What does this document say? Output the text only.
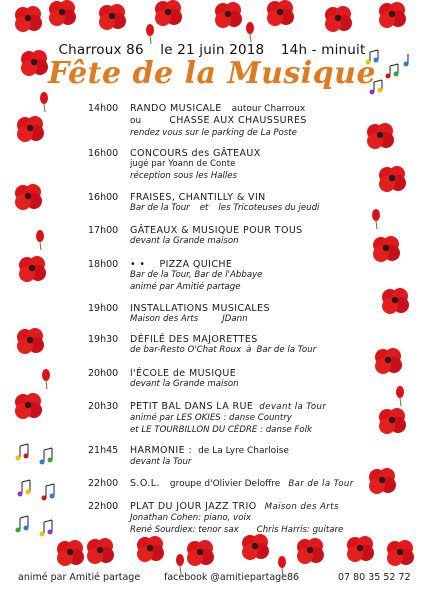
Charroux 86 le 21 juin 2018 14h - minuit
Fête de la Musique
14h00	RANDO MUSICALE autour Charroux
ou	CHASSE AUX CHAUSSURES
rendez vous sur le parking de La Poste
16h00	CONCOURS des GÂTEAUX
jugé par Yoann de Conte
réception sous les Halles
16h00	FRAISES, CHANTILLY & VIN
Bar de la Tour et les Tricoteuses du jeudi
17h00	GÂTEAUX & MUSIQUE POUR TOUS
devant la Grande maison
18h00	• • PIZZA QUICHE
Bar de la Tour, Bar de l'Abbaye
animé par Amitié partage
19h00	INSTALLATIONS MUSICALES
Maison des Arts	JDann
19h30	DÉFILÉ DES MAJORETTES
de bar-Resto O'Chat Roux à Bar de la Tour
20h00	l'ÉCOLE de MUSIQUE
devant la Grande maison
20h30	PETIT BAL DANS LA RUE devant la Tour
animé par LES OKIES : danse Country
et LE TOURBILLON DU CÈDRE : danse Folk
21h45	HARMONIE : de La Lyre Charloise
devant la Tour
22h00	S.O.L. groupe d'Olivier Deloffre Bar de la Tour
22h00	PLAT DU JOUR JAZZ TRIO Maison des Arts
Jonathan Cohen: piano, voix
René Sourdiex: tenor sax Chris Harris: guitare
animé par Amitié partage	facebook @amitiepartage86	07 80 35 52 72
